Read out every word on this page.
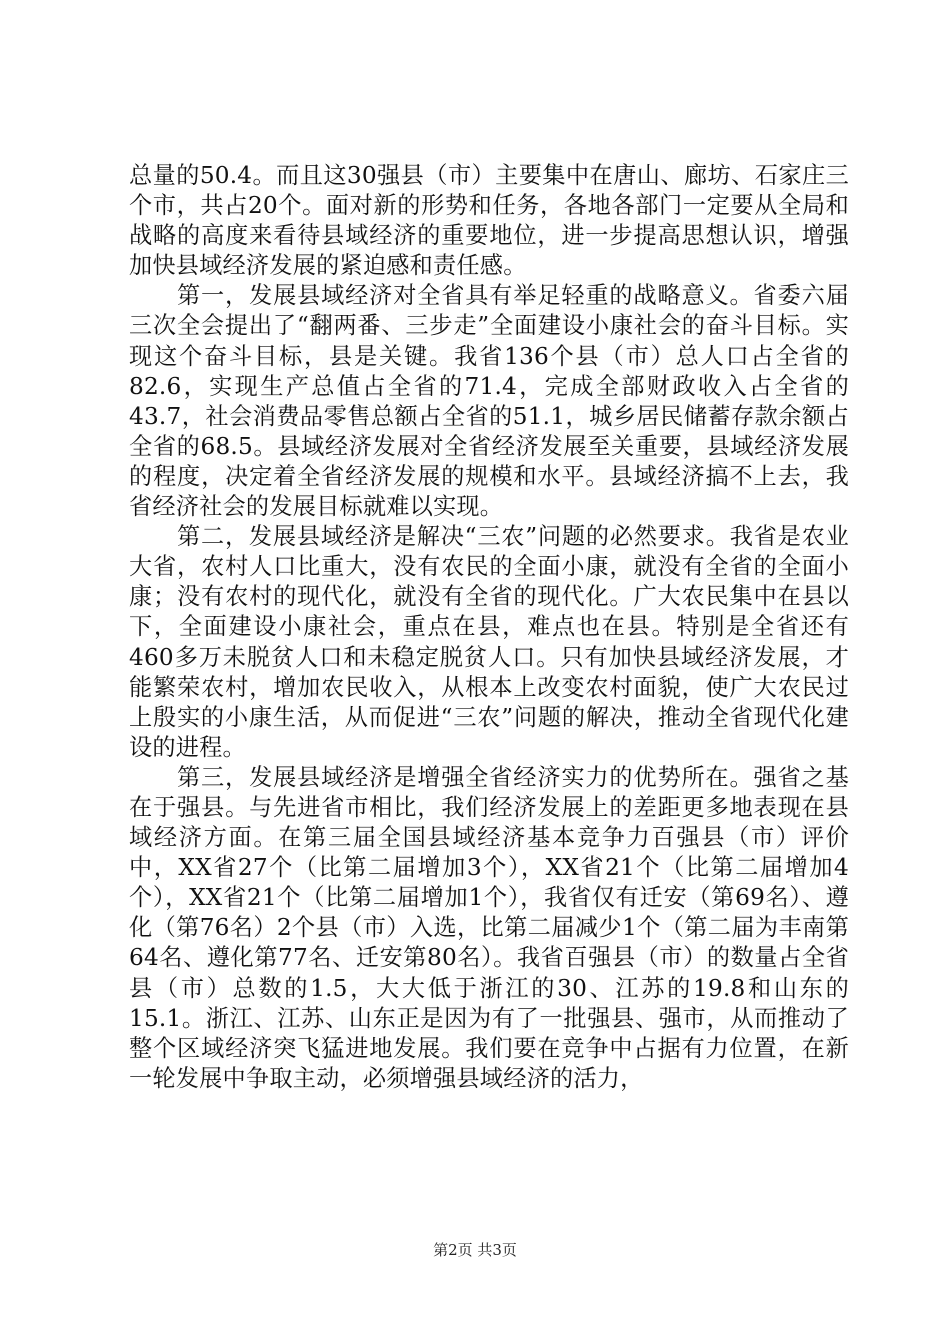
总量的50.4。而且这30强县（市）主要集中在唐山、廊坊、石家庄三个市，共占20个。面对新的形势和任务，各地各部门一定要从全局和战略的高度来看待县域经济的重要地位，进一步提高思想认识，增强加快县域经济发展的紧迫感和责任感。

第一，发展县域经济对全省具有举足轻重的战略意义。省委六届三次全会提出了“翻两番、三步走”全面建设小康社会的奋斗目标。实现这个奋斗目标，县是关键。我省136个县（市）总人口占全省的82.6，实现生产总值占全省的71.4，完成全部财政收入占全省的43.7，社会消费品零售总额占全省的51.1，城乡居民储蓄存款余额占全省的68.5。县域经济发展对全省经济发展至关重要，县域经济发展的程度，决定着全省经济发展的规模和水平。县域经济搞不上去，我省经济社会的发展目标就难以实现。

第二，发展县域经济是解决“三农”问题的必然要求。我省是农业大省，农村人口比重大，没有农民的全面小康，就没有全省的全面小康；没有农村的现代化，就没有全省的现代化。广大农民集中在县以下，全面建设小康社会，重点在县，难点也在县。特别是全省还有460多万未脱贫人口和未稳定脱贫人口。只有加快县域经济发展，才能繁荣农村，增加农民收入，从根本上改变农村面貌，使广大农民过上殷实的小康生活，从而促进“三农”问题的解决，推动全省现代化建设的进程。

第三，发展县域经济是增强全省经济实力的优势所在。强省之基在于强县。与先进省市相比，我们经济发展上的差距更多地表现在县域经济方面。在第三届全国县域经济基本竞争力百强县（市）评价中，XX省27个（比第二届增加3个），XX省21个（比第二届增加4个），XX省21个（比第二届增加1个），我省仅有迁安（第69名）、遵化（第76名）2个县（市）入选，比第二届减少1个（第二届为丰南第64名、遵化第77名、迁安第80名）。我省百强县（市）的数量占全省县（市）总数的1.5，大大低于浙江的30、江苏的19.8和山东的15.1。浙江、江苏、山东正是因为有了一批强县、强市，从而推动了整个区域经济突飞猛进地发展。我们要在竞争中占据有力位置，在新一轮发展中争取主动，必须增强县域经济的活力，

第2页 共3页
